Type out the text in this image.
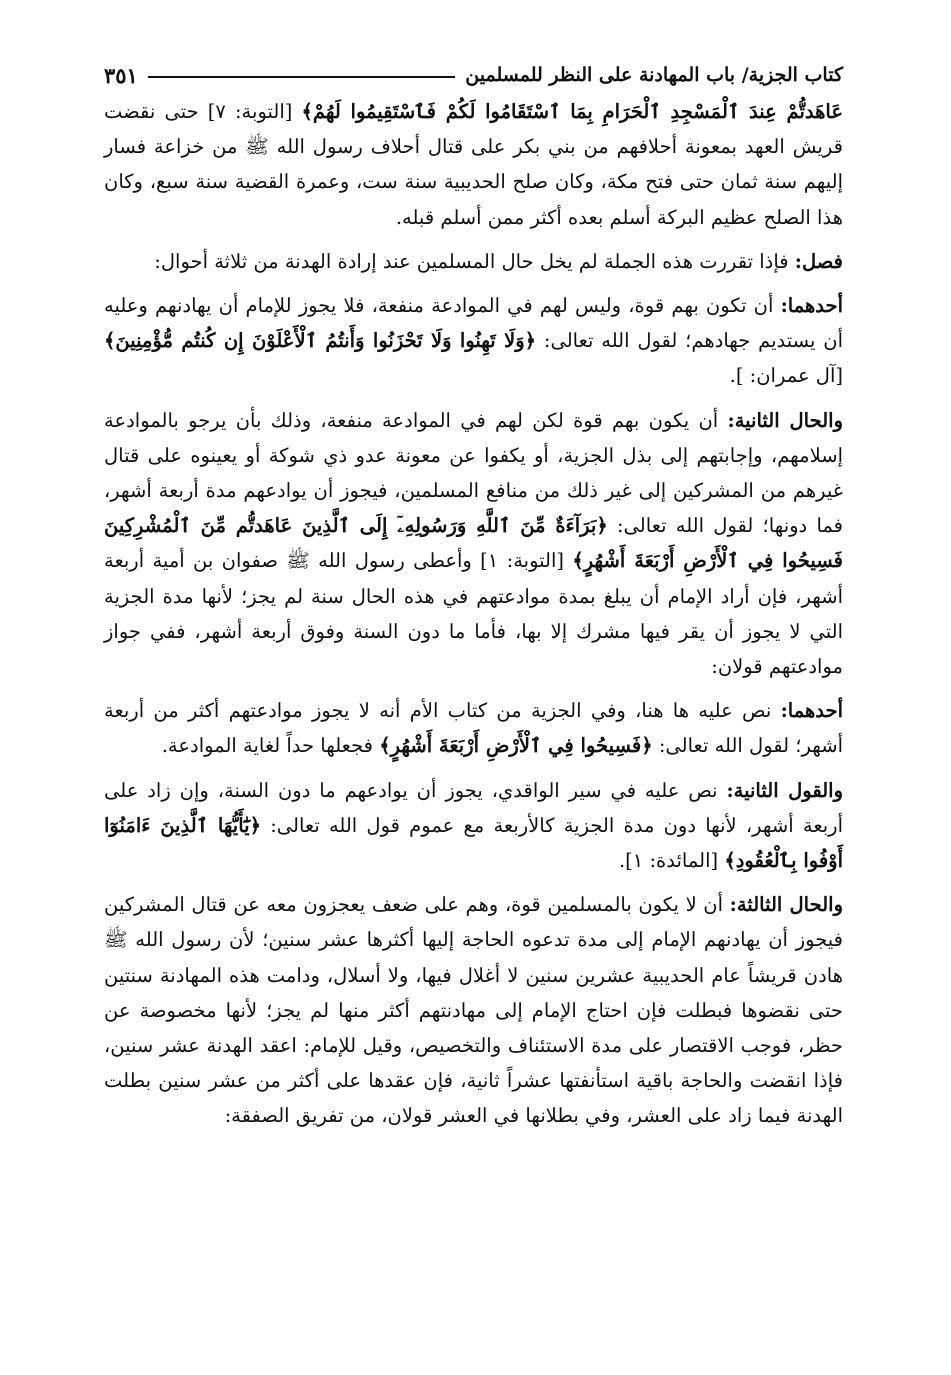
كتاب الجزية/ باب المهادنة على النظر للمسلمين
٣٥١

عَاهَدتُّمْ عِندَ ٱلْمَسْجِدِ ٱلْحَرَامِ بِمَا ٱسْتَقَامُوا لَكُمْ فَٱسْتَقِيمُوا لَهُمْ﴾ [التوبة: ٧] حتى نقضت قريش العهد بمعونة أحلافهم من بني بكر على قتال أحلاف رسول الله ﷺ من خزاعة فسار إليهم سنة ثمان حتى فتح مكة، وكان صلح الحديبية سنة ست، وعمرة القضية سنة سبع، وكان هذا الصلح عظيم البركة أسلم بعده أكثر ممن أسلم قبله.

فصل: فإذا تقررت هذه الجملة لم يخل حال المسلمين عند إرادة الهدنة من ثلاثة أحوال:

أحدهما: أن تكون بهم قوة، وليس لهم في الموادعة منفعة، فلا يجوز للإمام أن يهادنهم وعليه أن يستديم جهادهم؛ لقول الله تعالى: ﴿وَلَا تَهِنُوا وَلَا تَحْزَنُوا وَأَنتُمُ ٱلْأَعْلَوْنَ إِن كُنتُم مُّؤْمِنِينَ﴾ [آل عمران: ].

والحال الثانية: أن يكون بهم قوة لكن لهم في الموادعة منفعة، وذلك بأن يرجو بالموادعة إسلامهم، وإجابتهم إلى بذل الجزية، أو يكفوا عن معونة عدو ذي شوكة أو يعينوه على قتال غيرهم من المشركين إلى غير ذلك من منافع المسلمين، فيجوز أن يوادعهم مدة أربعة أشهر، فما دونها؛ لقول الله تعالى: ﴿بَرَآءَةٌ مِّنَ ٱللَّهِ وَرَسُولِهِۦٓ إِلَى ٱلَّذِينَ عَاهَدتُّم مِّنَ ٱلْمُشْرِكِينَ فَسِيحُوا فِي ٱلْأَرْضِ أَرْبَعَةَ أَشْهُرٍ﴾ [التوبة: ١] وأعطى رسول الله ﷺ صفوان بن أمية أربعة أشهر، فإن أراد الإمام أن يبلغ بمدة موادعتهم في هذه الحال سنة لم يجز؛ لأنها مدة الجزية التي لا يجوز أن يقر فيها مشرك إلا بها، فأما ما دون السنة وفوق أربعة أشهر، ففي جواز موادعتهم قولان:

أحدهما: نص عليه ها هنا، وفي الجزية من كتاب الأم أنه لا يجوز موادعتهم أكثر من أربعة أشهر؛ لقول الله تعالى: ﴿فَسِيحُوا فِي ٱلْأَرْضِ أَرْبَعَةَ أَشْهُرٍ﴾ فجعلها حداً لغاية الموادعة.

والقول الثانية: نص عليه في سير الواقدي، يجوز أن يوادعهم ما دون السنة، وإن زاد على أربعة أشهر، لأنها دون مدة الجزية كالأربعة مع عموم قول الله تعالى: ﴿يَٰٓأَيُّهَا ٱلَّذِينَ ءَامَنُوٓا أَوْفُوا بِٱلْعُقُودِ﴾ [المائدة: ١].

والحال الثالثة: أن لا يكون بالمسلمين قوة، وهم على ضعف يعجزون معه عن قتال المشركين فيجوز أن يهادنهم الإمام إلى مدة تدعوه الحاجة إليها أكثرها عشر سنين؛ لأن رسول الله ﷺ هادن قريشاً عام الحديبية عشرين سنين لا أغلال فيها، ولا أسلال، ودامت هذه المهادنة سنتين حتى نقضوها فبطلت فإن احتاج الإمام إلى مهادنتهم أكثر منها لم يجز؛ لأنها مخصوصة عن حظر، فوجب الاقتصار على مدة الاستئناف والتخصيص، وقيل للإمام: اعقد الهدنة عشر سنين، فإذا انقضت والحاجة باقية استأنفتها عشراً ثانية، فإن عقدها على أكثر من عشر سنين بطلت الهدنة فيما زاد على العشر، وفي بطلانها في العشر قولان، من تفريق الصفقة:
